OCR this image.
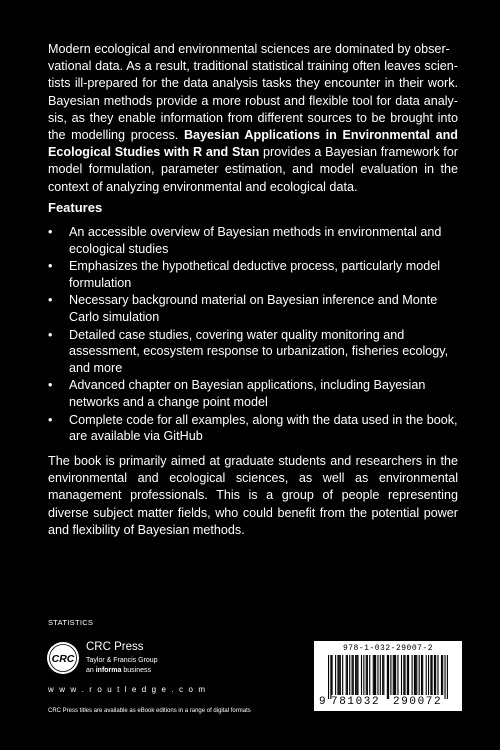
Modern ecological and environmental sciences are dominated by obser-
vational data. As a result, traditional statistical training often leaves scien-tists ill-prepared for the data analysis tasks they encounter in their work. Bayesian methods provide a more robust and flexible tool for data analy-sis, as they enable information from different sources to be brought into the modelling process. Bayesian Applications in Environmental and Ecological Studies with R and Stan provides a Bayesian framework for model formulation, parameter estimation, and model evaluation in the context of analyzing environmental and ecological data.
Features
•	An accessible overview of Bayesian methods in environmental and ecological studies
•	Emphasizes the hypothetical deductive process, particularly model formulation
•	Necessary background material on Bayesian inference and Monte Carlo simulation
•	Detailed case studies, covering water quality monitoring and assessment, ecosystem response to urbanization, fisheries ecology, and more
•	Advanced chapter on Bayesian applications, including Bayesian networks and a change point model
•	Complete code for all examples, along with the data used in the book, are available via GitHub
The book is primarily aimed at graduate students and researchers in the environmental and ecological sciences, as well as environmental management professionals. This is a group of people representing diverse subject matter fields, who could benefit from the potential power and flexibility of Bayesian methods.
STATISTICS
CRC
CRC Press
Taylor & Francis Group
an informa business
w w w . r o u t l e d g e . c o m
CRC Press titles are available as eBook editions in a range of digital formats
978-1-032-29007-2
9 781032 290072
